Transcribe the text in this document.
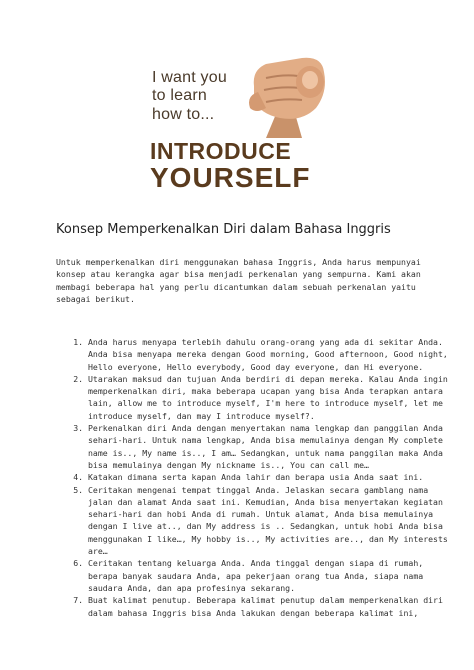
I want you
to learn
how to...
INTRODUCE
YOURSELF
Konsep Memperkenalkan Diri dalam Bahasa Inggris

Untuk memperkenalkan diri menggunakan bahasa Inggris, Anda harus mempunyai konsep atau kerangka agar bisa menjadi perkenalan yang sempurna. Kami akan membagi beberapa hal yang perlu dicantumkan dalam sebuah perkenalan yaitu sebagai berikut.

1. Anda harus menyapa terlebih dahulu orang-orang yang ada di sekitar Anda. Anda bisa menyapa mereka dengan Good morning, Good afternoon, Good night, Hello everyone, Hello everybody, Good day everyone, dan Hi everyone.
2. Utarakan maksud dan tujuan Anda berdiri di depan mereka. Kalau Anda ingin memperkenalkan diri, maka beberapa ucapan yang bisa Anda terapkan antara lain, allow me to introduce myself, I'm here to introduce myself, let me introduce myself, dan may I introduce myself?.
3. Perkenalkan diri Anda dengan menyertakan nama lengkap dan panggilan Anda sehari-hari. Untuk nama lengkap, Anda bisa memulainya dengan My complete name is.., My name is.., I am… Sedangkan, untuk nama panggilan maka Anda bisa memulainya dengan My nickname is.., You can call me…
4. Katakan dimana serta kapan Anda lahir dan berapa usia Anda saat ini.
5. Ceritakan mengenai tempat tinggal Anda. Jelaskan secara gamblang nama jalan dan alamat Anda saat ini. Kemudian, Anda bisa menyertakan kegiatan sehari-hari dan hobi Anda di rumah. Untuk alamat, Anda bisa memulainya dengan I live at.., dan My address is .. Sedangkan, untuk hobi Anda bisa menggunakan I like…, My hobby is.., My activities are.., dan My interests are…
6. Ceritakan tentang keluarga Anda. Anda tinggal dengan siapa di rumah, berapa banyak saudara Anda, apa pekerjaan orang tua Anda, siapa nama saudara Anda, dan apa profesinya sekarang.
7. Buat kalimat penutup. Beberapa kalimat penutup dalam memperkenalkan diri dalam bahasa Inggris bisa Anda lakukan dengan beberapa kalimat ini,
